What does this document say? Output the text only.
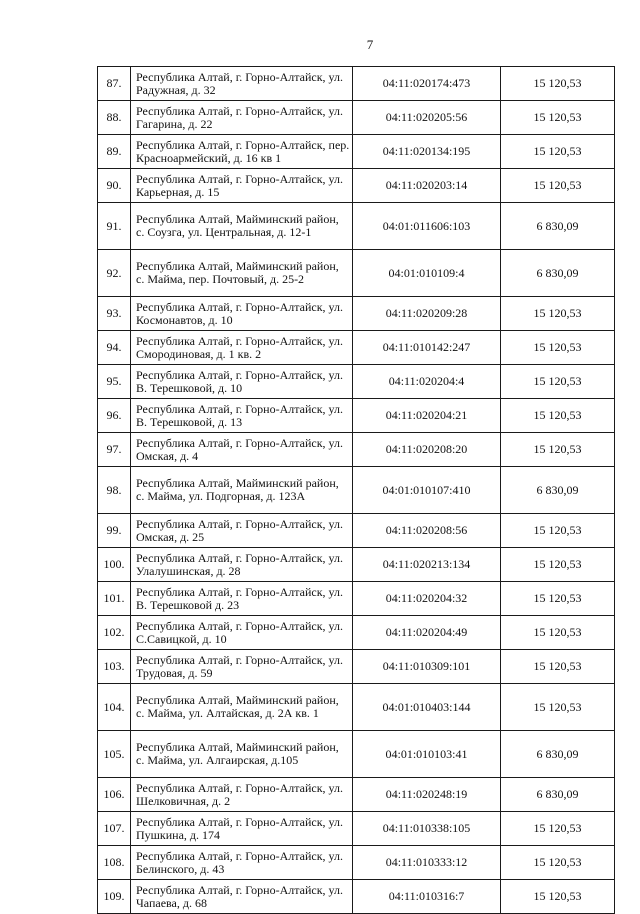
7
87.	Республика Алтай, г. Горно-Алтайск, ул. Радужная, д. 32	04:11:020174:473	15 120,53
88.	Республика Алтай, г. Горно-Алтайск, ул. Гагарина, д. 22	04:11:020205:56	15 120,53
89.	Республика Алтай, г. Горно-Алтайск, пер. Красноармейский, д. 16 кв 1	04:11:020134:195	15 120,53
90.	Республика Алтай, г. Горно-Алтайск, ул. Карьерная, д. 15	04:11:020203:14	15 120,53
91.	Республика Алтай, Майминский район, с. Соузга, ул. Центральная, д. 12-1	04:01:011606:103	6 830,09
92.	Республика Алтай, Майминский район, с. Майма, пер. Почтовый, д. 25-2	04:01:010109:4	6 830,09
93.	Республика Алтай, г. Горно-Алтайск, ул. Космонавтов, д. 10	04:11:020209:28	15 120,53
94.	Республика Алтай, г. Горно-Алтайск, ул. Смородиновая, д. 1 кв. 2	04:11:010142:247	15 120,53
95.	Республика Алтай, г. Горно-Алтайск, ул. В. Терешковой, д. 10	04:11:020204:4	15 120,53
96.	Республика Алтай, г. Горно-Алтайск, ул. В. Терешковой, д. 13	04:11:020204:21	15 120,53
97.	Республика Алтай, г. Горно-Алтайск, ул. Омская, д. 4	04:11:020208:20	15 120,53
98.	Республика Алтай, Майминский район, с. Майма, ул. Подгорная, д. 123А	04:01:010107:410	6 830,09
99.	Республика Алтай, г. Горно-Алтайск, ул. Омская, д. 25	04:11:020208:56	15 120,53
100.	Республика Алтай, г. Горно-Алтайск, ул. Улалушинская, д. 28	04:11:020213:134	15 120,53
101.	Республика Алтай, г. Горно-Алтайск, ул. В. Терешковой д. 23	04:11:020204:32	15 120,53
102.	Республика Алтай, г. Горно-Алтайск, ул. С.Савицкой, д. 10	04:11:020204:49	15 120,53
103.	Республика Алтай, г. Горно-Алтайск, ул. Трудовая, д. 59	04:11:010309:101	15 120,53
104.	Республика Алтай, Майминский район, с. Майма, ул. Алтайская, д. 2А кв. 1	04:01:010403:144	15 120,53
105.	Республика Алтай, Майминский район, с. Майма, ул. Алгаирская, д.105	04:01:010103:41	6 830,09
106.	Республика Алтай, г. Горно-Алтайск, ул. Шелковичная, д. 2	04:11:020248:19	6 830,09
107.	Республика Алтай, г. Горно-Алтайск, ул. Пушкина, д. 174	04:11:010338:105	15 120,53
108.	Республика Алтай, г. Горно-Алтайск, ул. Белинского, д. 43	04:11:010333:12	15 120,53
109.	Республика Алтай, г. Горно-Алтайск, ул. Чапаева, д. 68	04:11:010316:7	15 120,53
